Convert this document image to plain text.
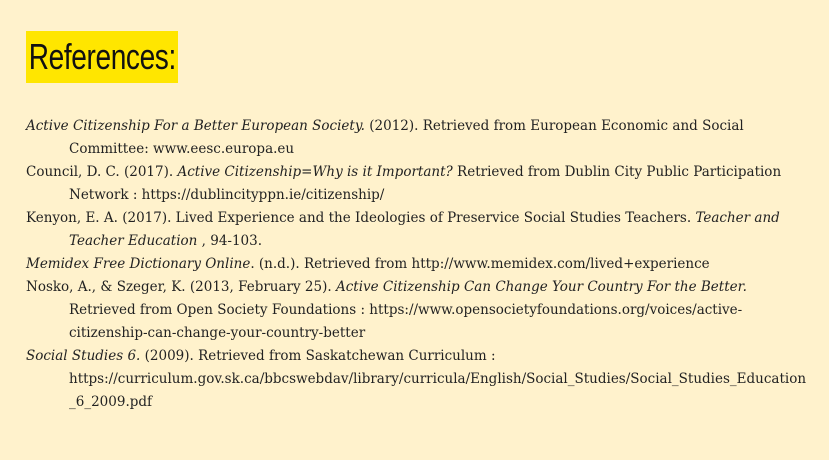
References:
Active Citizenship For a Better European Society. (2012). Retrieved from European Economic and Social Committee: www.eesc.europa.eu
Council, D. C. (2017). Active Citizenship=Why is it Important? Retrieved from Dublin City Public Participation Network : https://dublincityppn.ie/citizenship/
Kenyon, E. A. (2017). Lived Experience and the Ideologies of Preservice Social Studies Teachers. Teacher and Teacher Education , 94-103.
Memidex Free Dictionary Online. (n.d.). Retrieved from http://www.memidex.com/lived+experience
Nosko, A., & Szeger, K. (2013, February 25). Active Citizenship Can Change Your Country For the Better. Retrieved from Open Society Foundations : https://www.opensocietyfoundations.org/voices/active-citizenship-can-change-your-country-better
Social Studies 6. (2009). Retrieved from Saskatchewan Curriculum : https://curriculum.gov.sk.ca/bbcswebdav/library/curricula/English/Social_Studies/Social_Studies_Education_6_2009.pdf
